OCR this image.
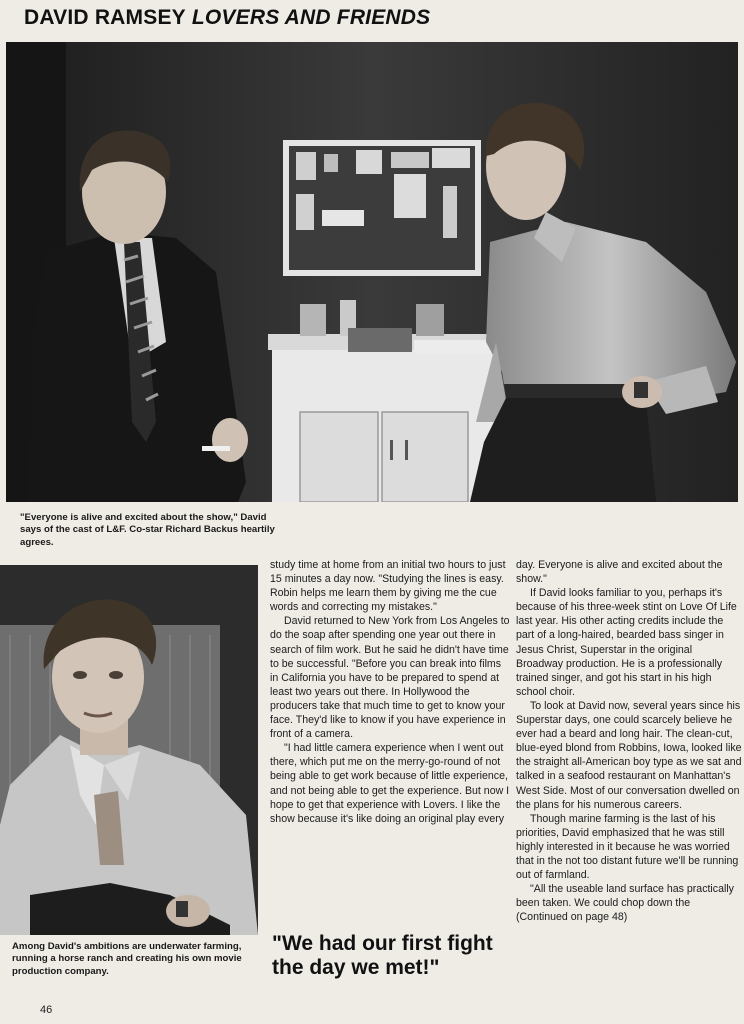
DAVID RAMSEY LOVERS AND FRIENDS
"Everyone is alive and excited about the show," David says of the cast of L&F. Co-star Richard Backus heartily agrees.
Among David's ambitions are underwater farming, running a horse ranch and creating his own movie production company.

study time at home from an initial two hours to just 15 minutes a day now. "Studying the lines is easy. Robin helps me learn them by giving me the cue words and correcting my mistakes."

David returned to New York from Los Angeles to do the soap after spending one year out there in search of film work. But he said he didn't have time to be successful. "Before you can break into films in California you have to be prepared to spend at least two years out there. In Hollywood the producers take that much time to get to know your face. They'd like to know if you have experience in front of a camera.

"I had little camera experience when I went out there, which put me on the merry-go-round of not being able to get work because of little experience, and not being able to get the experience. But now I hope to get that experience with Lovers. I like the show because it's like doing an original play every

day. Everyone is alive and excited about the show."

If David looks familiar to you, perhaps it's because of his three-week stint on Love Of Life last year. His other acting credits include the part of a long-haired, bearded bass singer in Jesus Christ, Superstar in the original Broadway production. He is a professionally trained singer, and got his start in his high school choir.

To look at David now, several years since his Superstar days, one could scarcely believe he ever had a beard and long hair. The clean-cut, blue-eyed blond from Robbins, Iowa, looked like the straight all-American boy type as we sat and talked in a seafood restaurant on Manhattan's West Side. Most of our conversation dwelled on the plans for his numerous careers.

Though marine farming is the last of his priorities, David emphasized that he was still highly interested in it because he was worried that in the not too distant future we'll be running out of farmland.

"All the useable land surface has practically been taken. We could chop down the (Continued on page 48)

"We had our first fight the day we met!"
46
